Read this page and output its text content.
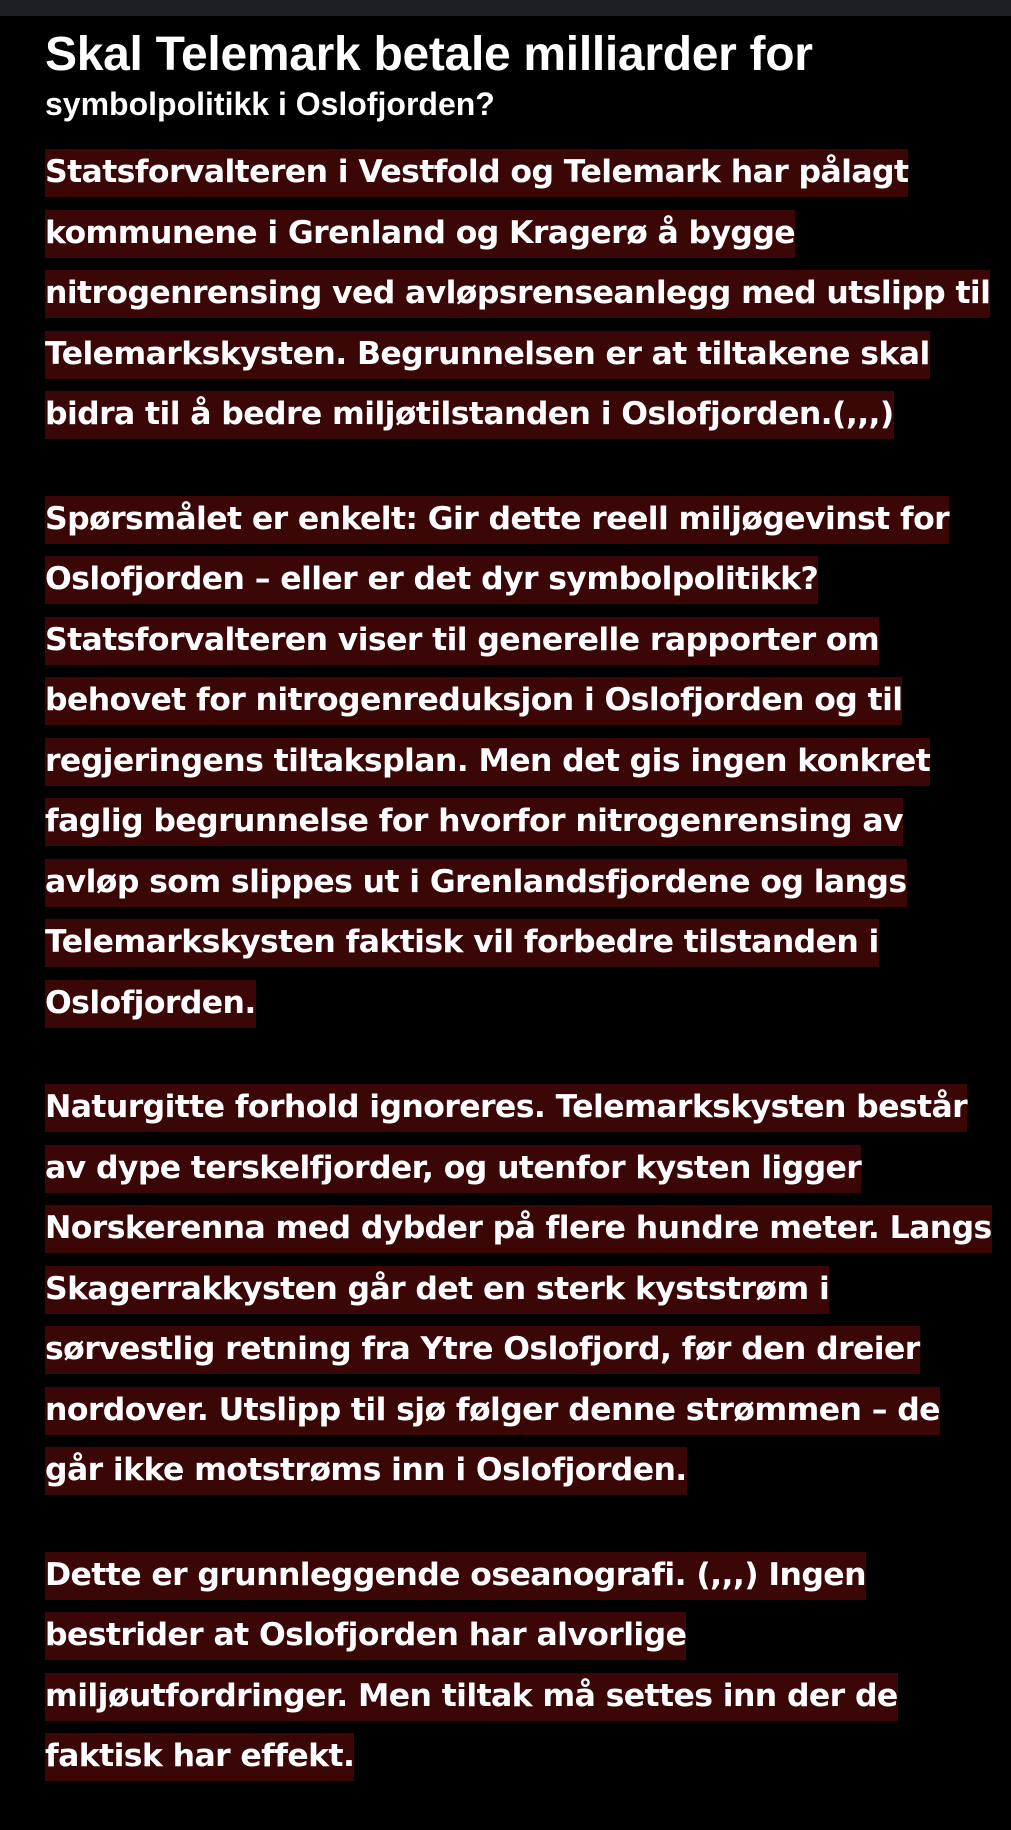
Skal Telemark betale milliarder for
symbolpolitikk i Oslofjorden?

Statsforvalteren i Vestfold og Telemark har pålagt kommunene i Grenland og Kragerø å bygge nitrogenrensing ved avløpsrenseanlegg med utslipp til Telemarkskysten. Begrunnelsen er at tiltakene skal bidra til å bedre miljøtilstanden i Oslofjorden.(,,,)

Spørsmålet er enkelt: Gir dette reell miljøgevinst for Oslofjorden – eller er det dyr symbolpolitikk? Statsforvalteren viser til generelle rapporter om behovet for nitrogenreduksjon i Oslofjorden og til regjeringens tiltaksplan. Men det gis ingen konkret faglig begrunnelse for hvorfor nitrogenrensing av avløp som slippes ut i Grenlandsfjordene og langs Telemarkskysten faktisk vil forbedre tilstanden i Oslofjorden.

Naturgitte forhold ignoreres. Telemarkskysten består av dype terskelfjorder, og utenfor kysten ligger Norskerenna med dybder på flere hundre meter. Langs Skagerrakkysten går det en sterk kyststrøm i sørvestlig retning fra Ytre Oslofjord, før den dreier nordover. Utslipp til sjø følger denne strømmen – de går ikke motstrøms inn i Oslofjorden.

Dette er grunnleggende oseanografi. (,,,) Ingen bestrider at Oslofjorden har alvorlige miljøutfordringer. Men tiltak må settes inn der de faktisk har effekt.
